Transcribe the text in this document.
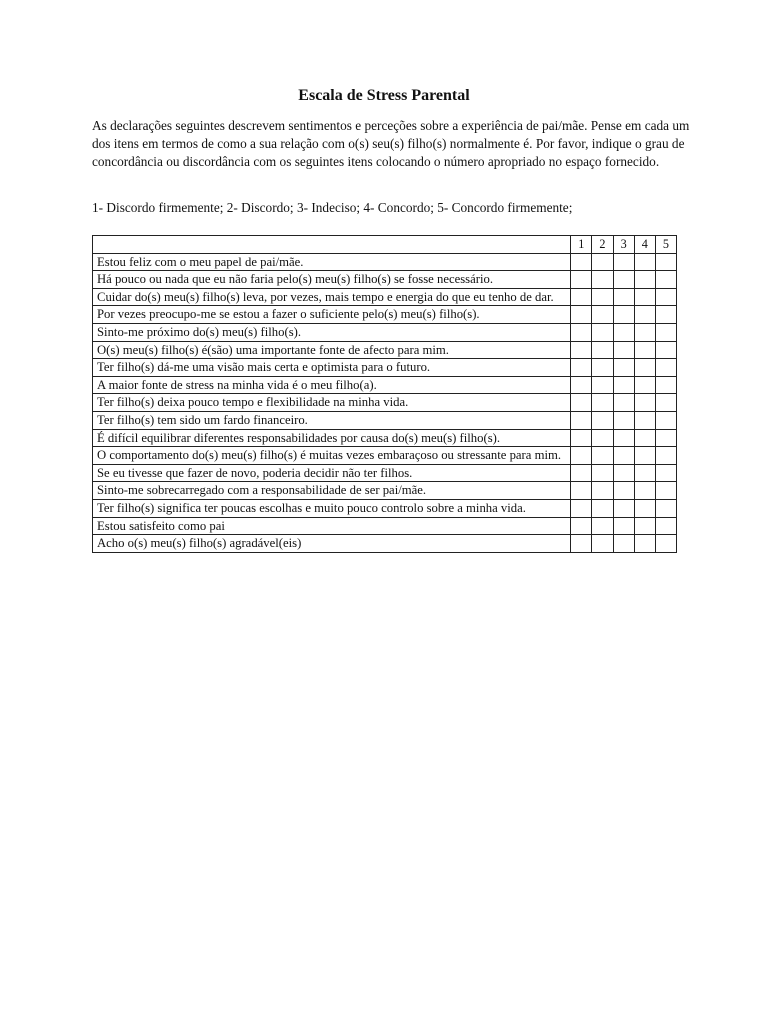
Escala de Stress Parental

As declarações seguintes descrevem sentimentos e perceções sobre a experiência de pai/mãe. Pense em cada um dos itens em termos de como a sua relação com o(s) seu(s) filho(s) normalmente é. Por favor, indique o grau de concordância ou discordância com os seguintes itens colocando o número apropriado no espaço fornecido.

1- Discordo firmemente; 2- Discordo; 3- Indeciso; 4- Concordo; 5- Concordo firmemente;

	1	2	3	4	5
Estou feliz com o meu papel de pai/mãe.					
Há pouco ou nada que eu não faria pelo(s) meu(s) filho(s) se fosse necessário.					
Cuidar do(s) meu(s) filho(s) leva, por vezes, mais tempo e energia do que eu tenho de dar.					
Por vezes preocupo-me se estou a fazer o suficiente pelo(s) meu(s) filho(s).					
Sinto-me próximo do(s) meu(s) filho(s).					
O(s) meu(s) filho(s) é(são) uma importante fonte de afecto para mim.					
Ter filho(s) dá-me uma visão mais certa e optimista para o futuro.					
A maior fonte de stress na minha vida é o meu filho(a).					
Ter filho(s) deixa pouco tempo e flexibilidade na minha vida.					
Ter filho(s) tem sido um fardo financeiro.					
É difícil equilibrar diferentes responsabilidades por causa do(s) meu(s) filho(s).					
O comportamento do(s) meu(s) filho(s) é muitas vezes embaraçoso ou stressante para mim.					
Se eu tivesse que fazer de novo, poderia decidir não ter filhos.					
Sinto-me sobrecarregado com a responsabilidade de ser pai/mãe.					
Ter filho(s) significa ter poucas escolhas e muito pouco controlo sobre a minha vida.					
Estou satisfeito como pai					
Acho o(s) meu(s) filho(s) agradável(eis)					
